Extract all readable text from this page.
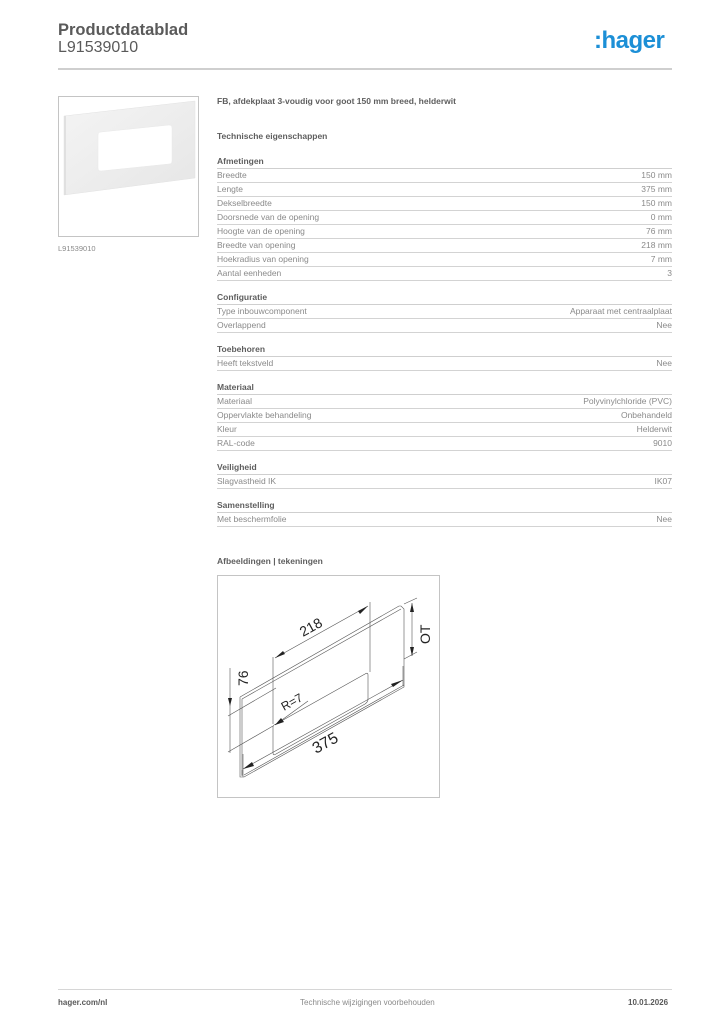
Productdatablad
L91539010	:hager
L91539010
FB, afdekplaat 3-voudig voor goot 150 mm breed, helderwit
Technische eigenschappen
Afmetingen
Breedte	150 mm
Lengte	375 mm
Dekselbreedte	150 mm
Doorsnede van de opening	0 mm
Hoogte van de opening	76 mm
Breedte van opening	218 mm
Hoekradius van opening	7 mm
Aantal eenheden	3
Configuratie
Type inbouwcomponent	Apparaat met centraalplaat
Overlappend	Nee
Toebehoren
Heeft tekstveld	Nee
Materiaal
Materiaal	Polyvinylchloride (PVC)
Oppervlakte behandeling	Onbehandeld
Kleur	Helderwit
RAL-code	9010
Veiligheid
Slagvastheid IK	IK07
Samenstelling
Met beschermfolie	Nee
Afbeeldingen | tekeningen
218
76
R=7
375
OT
hager.com/nl	Technische wijzigingen voorbehouden	10.01.2026
